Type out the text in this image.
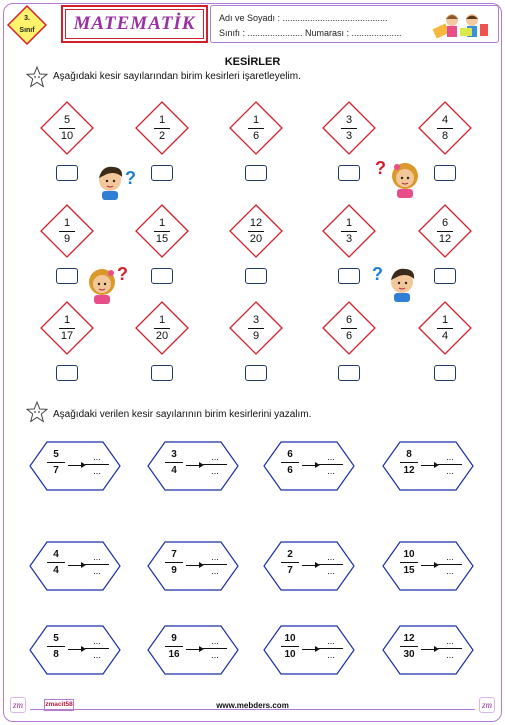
3.
Sınıf	MATEMATİK	Adı ve Soyadı : ..........................................
Sınıfı : ...................... Numarası : ....................
KESİRLER
Aşağıdaki kesir sayılarından birim kesirleri işaretleyelim.
5
10
1
2
1
6
3
3
4
8
1
9
1
15
12
20
1
3
6
12
1
17
1
20
3
9
6
6
1
4
?	?
?	?
Aşağıdaki verilen kesir sayılarının birim kesirlerini yazalım.
5
7
...
...
3
4
...
...
6
6
...
...
8
12
...
...
4
4
...
...
7
9
...
...
2
7
...
...
10
15
...
...
5
8
...
...
9
16
...
...
10
10
...
...
12
30
...
...
zm	zmacit58	www.mebders.com	zm
